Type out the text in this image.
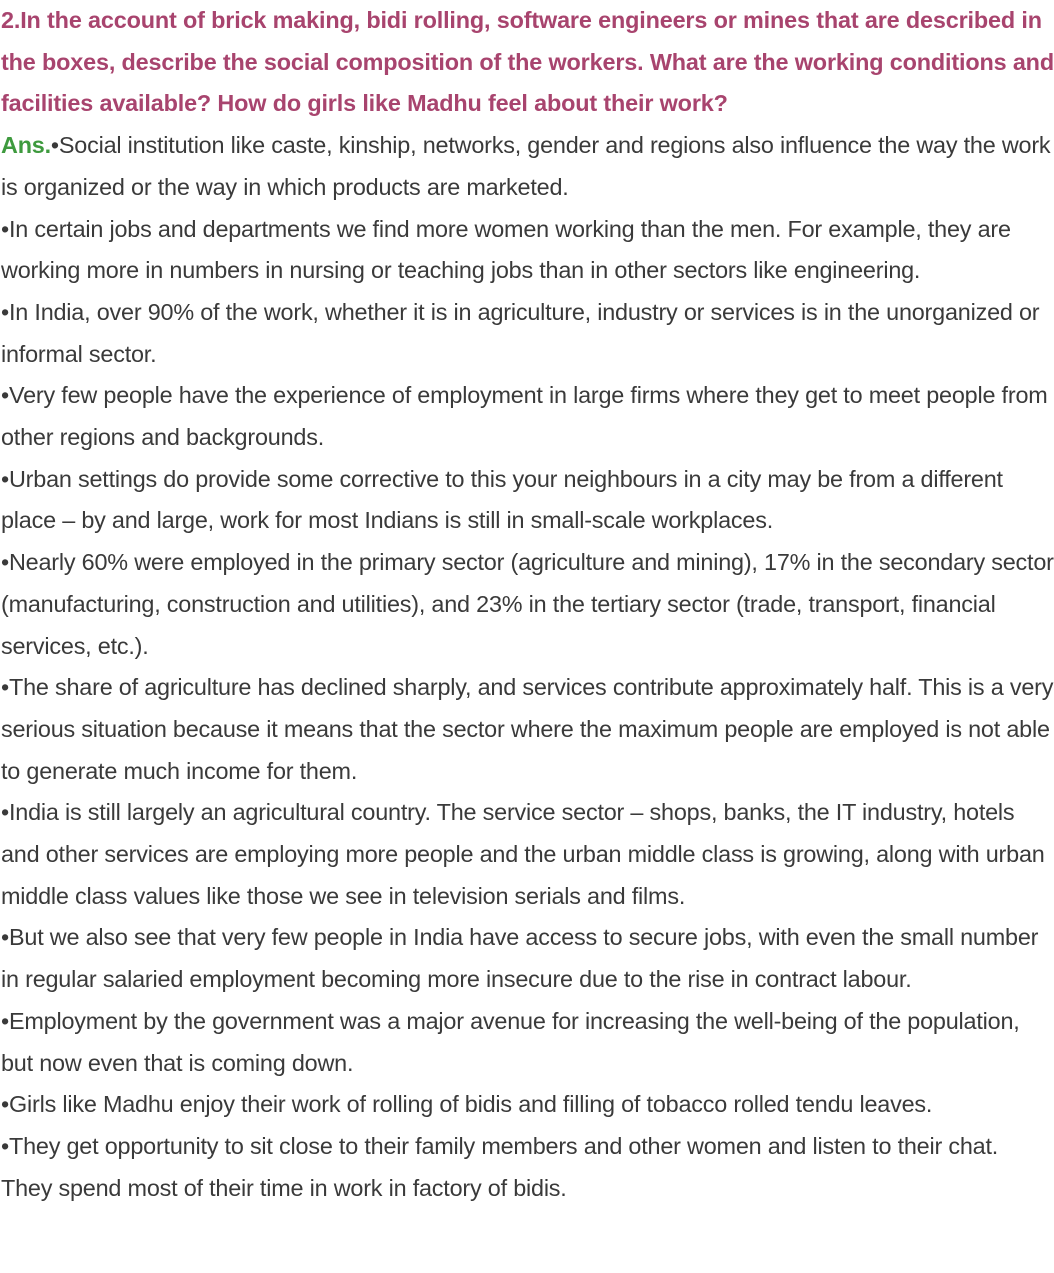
2.In the account of brick making, bidi rolling, software engineers or mines that are described in the boxes, describe the social composition of the workers. What are the working conditions and facilities available? How do girls like Madhu feel about their work?

Ans.•Social institution like caste, kinship, networks, gender and regions also influence the way the work is organized or the way in which products are marketed.

•In certain jobs and departments we find more women working than the men. For example, they are working more in numbers in nursing or teaching jobs than in other sectors like engineering.

•In India, over 90% of the work, whether it is in agriculture, industry or services is in the unorganized or informal sector.

•Very few people have the experience of employment in large firms where they get to meet people from other regions and backgrounds.

•Urban settings do provide some corrective to this your neighbours in a city may be from a different place – by and large, work for most Indians is still in small-scale workplaces.

•Nearly 60% were employed in the primary sector (agriculture and mining), 17% in the secondary sector (manufacturing, construction and utilities), and 23% in the tertiary sector (trade, transport, financial services, etc.).

•The share of agriculture has declined sharply, and services contribute approximately half. This is a very serious situation because it means that the sector where the maximum people are employed is not able to generate much income for them.

•India is still largely an agricultural country. The service sector – shops, banks, the IT industry, hotels and other services are employing more people and the urban middle class is growing, along with urban middle class values like those we see in television serials and films.

•But we also see that very few people in India have access to secure jobs, with even the small number in regular salaried employment becoming more insecure due to the rise in contract labour.

•Employment by the government was a major avenue for increasing the well-being of the population, but now even that is coming down.

•Girls like Madhu enjoy their work of rolling of bidis and filling of tobacco rolled tendu leaves.

•They get opportunity to sit close to their family members and other women and listen to their chat. They spend most of their time in work in factory of bidis.
